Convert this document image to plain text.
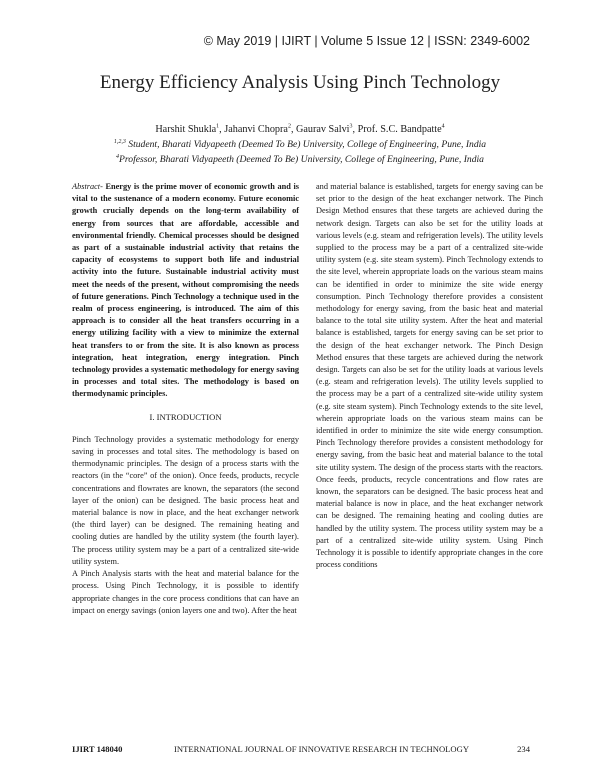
© May 2019 | IJIRT | Volume 5 Issue 12 | ISSN: 2349-6002
Energy Efficiency Analysis Using Pinch Technology
Harshit Shukla$^1$, Jahanvi Chopra$^2$, Gaurav Salvi$^3$, Prof. S.C. Bandpatte$^4$
$^{1,2,3}$ Student, Bharati Vidyapeeth (Deemed To Be) University, College of Engineering, Pune, India
$^4$Professor, Bharati Vidyapeeth (Deemed To Be) University, College of Engineering, Pune, India

Abstract- Energy is the prime mover of economic growth and is vital to the sustenance of a modern economy. Future economic growth crucially depends on the long-term availability of energy from sources that are affordable, accessible and environmental friendly. Chemical processes should be designed as part of a sustainable industrial activity that retains the capacity of ecosystems to support both life and industrial activity into the future. Sustainable industrial activity must meet the needs of the present, without compromising the needs of future generations. Pinch Technology a technique used in the realm of process engineering, is introduced. The aim of this approach is to consider all the heat transfers occurring in a energy utilizing facility with a view to minimize the external heat transfers to or from the site. It is also known as process integration, heat integration, energy integration. Pinch technology provides a systematic methodology for energy saving in processes and total sites. The methodology is based on thermodynamic principles.

I. INTRODUCTION

Pinch Technology provides a systematic methodology for energy saving in processes and total sites. The methodology is based on thermodynamic principles. The design of a process starts with the reactors (in the “core” of the onion). Once feeds, products, recycle concentrations and flowrates are known, the separators (the second layer of the onion) can be designed. The basic process heat and material balance is now in place, and the heat exchanger network (the third layer) can be designed. The remaining heating and cooling duties are handled by the utility system (the fourth layer). The process utility system may be a part of a centralized site-wide utility system.

A Pinch Analysis starts with the heat and material balance for the process. Using Pinch Technology, it is possible to identify appropriate changes in the core process conditions that can have an impact on energy savings (onion layers one and two). After the heat

and material balance is established, targets for energy saving can be set prior to the design of the heat exchanger network. The Pinch Design Method ensures that these targets are achieved during the network design. Targets can also be set for the utility loads at various levels (e.g. steam and refrigeration levels). The utility levels supplied to the process may be a part of a centralized site-wide utility system (e.g. site steam system). Pinch Technology extends to the site level, wherein appropriate loads on the various steam mains can be identified in order to minimize the site wide energy consumption. Pinch Technology therefore provides a consistent methodology for energy saving, from the basic heat and material balance to the total site utility system. After the heat and material balance is established, targets for energy saving can be set prior to the design of the heat exchanger network. The Pinch Design Method ensures that these targets are achieved during the network design. Targets can also be set for the utility loads at various levels (e.g. steam and refrigeration levels). The utility levels supplied to the process may be a part of a centralized site-wide utility system (e.g. site steam system). Pinch Technology extends to the site level, wherein appropriate loads on the various steam mains can be identified in order to minimize the site wide energy consumption. Pinch Technology therefore provides a consistent methodology for energy saving, from the basic heat and material balance to the total site utility system. The design of the process starts with the reactors. Once feeds, products, recycle concentrations and flow rates are known, the separators can be designed. The basic process heat and material balance is now in place, and the heat exchanger network can be designed. The remaining heating and cooling duties are handled by the utility system. The process utility system may be a part of a centralized site-wide utility system. Using Pinch Technology it is possible to identify appropriate changes in the core process conditions

IJIRT 148040	INTERNATIONAL JOURNAL OF INNOVATIVE RESEARCH IN TECHNOLOGY	234
